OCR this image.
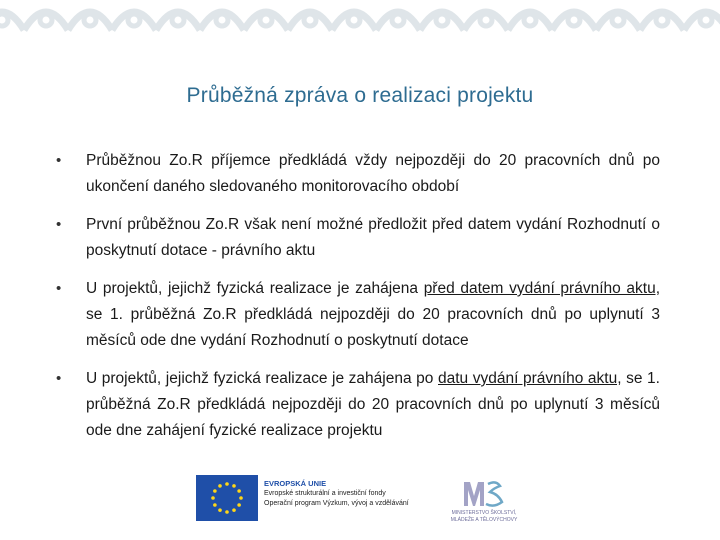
Průběžná zpráva o realizaci projektu
• Průběžnou Zo.R příjemce předkládá vždy nejpozději do 20 pracovních dnů po ukončení daného sledovaného monitorovacího období
• První průběžnou Zo.R však není možné předložit před datem vydání Rozhodnutí o poskytnutí dotace - právního aktu
• U projektů, jejichž fyzická realizace je zahájena před datem vydání právního aktu, se 1. průběžná Zo.R předkládá nejpozději do 20 pracovních dnů po uplynutí 3 měsíců ode dne vydání Rozhodnutí o poskytnutí dotace
• U projektů, jejichž fyzická realizace je zahájena po datu vydání právního aktu, se 1. průběžná Zo.R předkládá nejpozději do 20 pracovních dnů po uplynutí 3 měsíců ode dne zahájení fyzické realizace projektu
EVROPSKÁ UNIE
Evropské strukturální a investiční fondy
Operační program Výzkum, vývoj a vzdělávání
MINISTERSTVO ŠKOLSTVÍ, MLÁDEŽE A TĚLOVÝCHOVY
